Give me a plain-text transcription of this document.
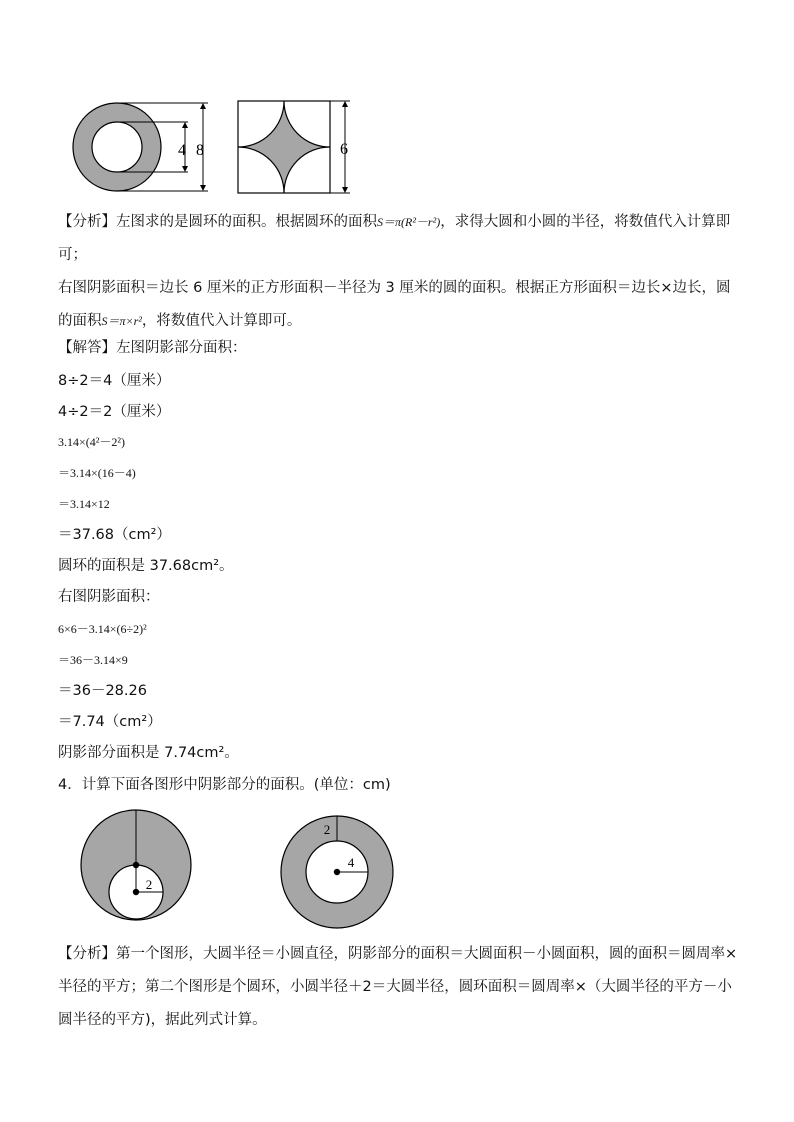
4 8	6
【分析】左图求的是圆环的面积。根据圆环的面积S＝π(R²－r²)，求得大圆和小圆的半径，将数值代入计算即可；
右图阴影面积＝边长 6 厘米的正方形面积－半径为 3 厘米的圆的面积。根据正方形面积＝边长×边长，圆的面积S＝π×r²，将数值代入计算即可。
【解答】左图阴影部分面积：
8÷2＝4（厘米）
4÷2＝2（厘米）
3.14×(4²－2²)
＝3.14×(16－4)
＝3.14×12
＝37.68（cm²）
圆环的面积是 37.68cm²。
右图阴影面积：
6×6－3.14×(6÷2)²
＝36－3.14×9
＝36－28.26
＝7.74（cm²）
阴影部分面积是 7.74cm²。
4．计算下面各图形中阴影部分的面积。(单位：cm)
2
2
4
【分析】第一个图形，大圆半径＝小圆直径，阴影部分的面积＝大圆面积－小圆面积，圆的面积＝圆周率×半径的平方；第二个图形是个圆环，小圆半径＋2＝大圆半径，圆环面积＝圆周率×（大圆半径的平方－小圆半径的平方)，据此列式计算。
